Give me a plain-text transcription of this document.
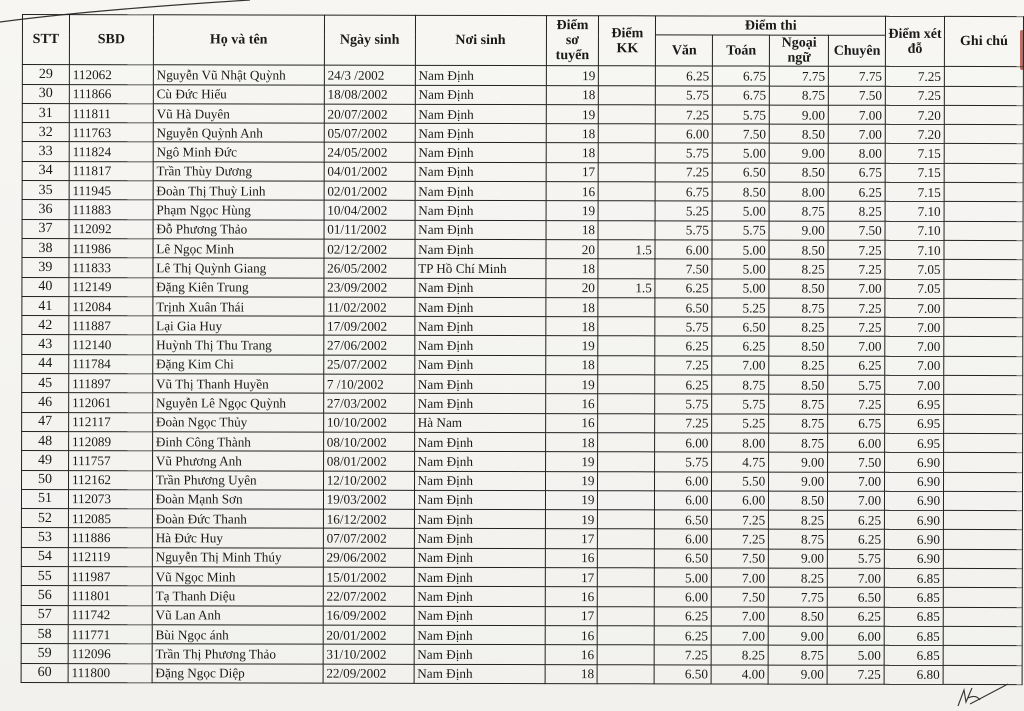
STT	SBD	Họ và tên	Ngày sinh	Nơi sinh	Điểm sơ tuyển	Điểm KK	Điểm thi				Điểm xét đỗ	Ghi chú
							Văn	Toán	Ngoại ngữ	Chuyên		
29	112062	Nguyễn Vũ Nhật Quỳnh	24/3 /2002	Nam Định	19		6.25	6.75	7.75	7.75	7.25	
30	111866	Cù Đức Hiếu	18/08/2002	Nam Định	18		5.75	6.75	8.75	7.50	7.25	
31	111811	Vũ Hà Duyên	20/07/2002	Nam Định	19		7.25	5.75	9.00	7.00	7.20	
32	111763	Nguyễn Quỳnh Anh	05/07/2002	Nam Định	18		6.00	7.50	8.50	7.00	7.20	
33	111824	Ngô Minh Đức	24/05/2002	Nam Định	18		5.75	5.00	9.00	8.00	7.15	
34	111817	Trần Thùy Dương	04/01/2002	Nam Định	17		7.25	6.50	8.50	6.75	7.15	
35	111945	Đoàn Thị Thuỳ Linh	02/01/2002	Nam Định	16		6.75	8.50	8.00	6.25	7.15	
36	111883	Phạm Ngọc Hùng	10/04/2002	Nam Định	19		5.25	5.00	8.75	8.25	7.10	
37	112092	Đỗ Phương Thảo	01/11/2002	Nam Định	18		5.75	5.75	9.00	7.50	7.10	
38	111986	Lê Ngọc Minh	02/12/2002	Nam Định	20	1.5	6.00	5.00	8.50	7.25	7.10	
39	111833	Lê Thị Quỳnh Giang	26/05/2002	TP Hồ Chí Minh	18		7.50	5.00	8.25	7.25	7.05	
40	112149	Đặng Kiên Trung	23/09/2002	Nam Định	20	1.5	6.25	5.00	8.50	7.00	7.05	
41	112084	Trịnh Xuân Thái	11/02/2002	Nam Định	18		6.50	5.25	8.75	7.25	7.00	
42	111887	Lại Gia Huy	17/09/2002	Nam Định	18		5.75	6.50	8.25	7.25	7.00	
43	112140	Huỳnh Thị Thu Trang	27/06/2002	Nam Định	19		6.25	6.25	8.50	7.00	7.00	
44	111784	Đặng Kim Chi	25/07/2002	Nam Định	18		7.25	7.00	8.25	6.25	7.00	
45	111897	Vũ Thị Thanh Huyền	7 /10/2002	Nam Định	19		6.25	8.75	8.50	5.75	7.00	
46	112061	Nguyễn Lê Ngọc Quỳnh	27/03/2002	Nam Định	16		5.75	5.75	8.75	7.25	6.95	
47	112117	Đoàn Ngọc Thủy	10/10/2002	Hà Nam	16		7.25	5.25	8.75	6.75	6.95	
48	112089	Đinh Công Thành	08/10/2002	Nam Định	18		6.00	8.00	8.75	6.00	6.95	
49	111757	Vũ Phương Anh	08/01/2002	Nam Định	19		5.75	4.75	9.00	7.50	6.90	
50	112162	Trần Phương Uyên	12/10/2002	Nam Định	19		6.00	5.50	9.00	7.00	6.90	
51	112073	Đoàn Mạnh Sơn	19/03/2002	Nam Định	19		6.00	6.00	8.50	7.00	6.90	
52	112085	Đoàn Đức Thanh	16/12/2002	Nam Định	19		6.50	7.25	8.25	6.25	6.90	
53	111886	Hà Đức Huy	07/07/2002	Nam Định	17		6.00	7.25	8.75	6.25	6.90	
54	112119	Nguyễn Thị Minh Thúy	29/06/2002	Nam Định	16		6.50	7.50	9.00	5.75	6.90	
55	111987	Vũ Ngọc Minh	15/01/2002	Nam Định	17		5.00	7.00	8.25	7.00	6.85	
56	111801	Tạ Thanh Diệu	22/07/2002	Nam Định	16		6.00	7.50	7.75	6.50	6.85	
57	111742	Vũ Lan Anh	16/09/2002	Nam Định	17		6.25	7.00	8.50	6.25	6.85	
58	111771	Bùi Ngọc ánh	20/01/2002	Nam Định	16		6.25	7.00	9.00	6.00	6.85	
59	112096	Trần Thị Phương Thảo	31/10/2002	Nam Định	16		7.25	8.25	8.75	5.00	6.85	
60	111800	Đặng Ngọc Diệp	22/09/2002	Nam Định	18		6.50	4.00	9.00	7.25	6.80	
